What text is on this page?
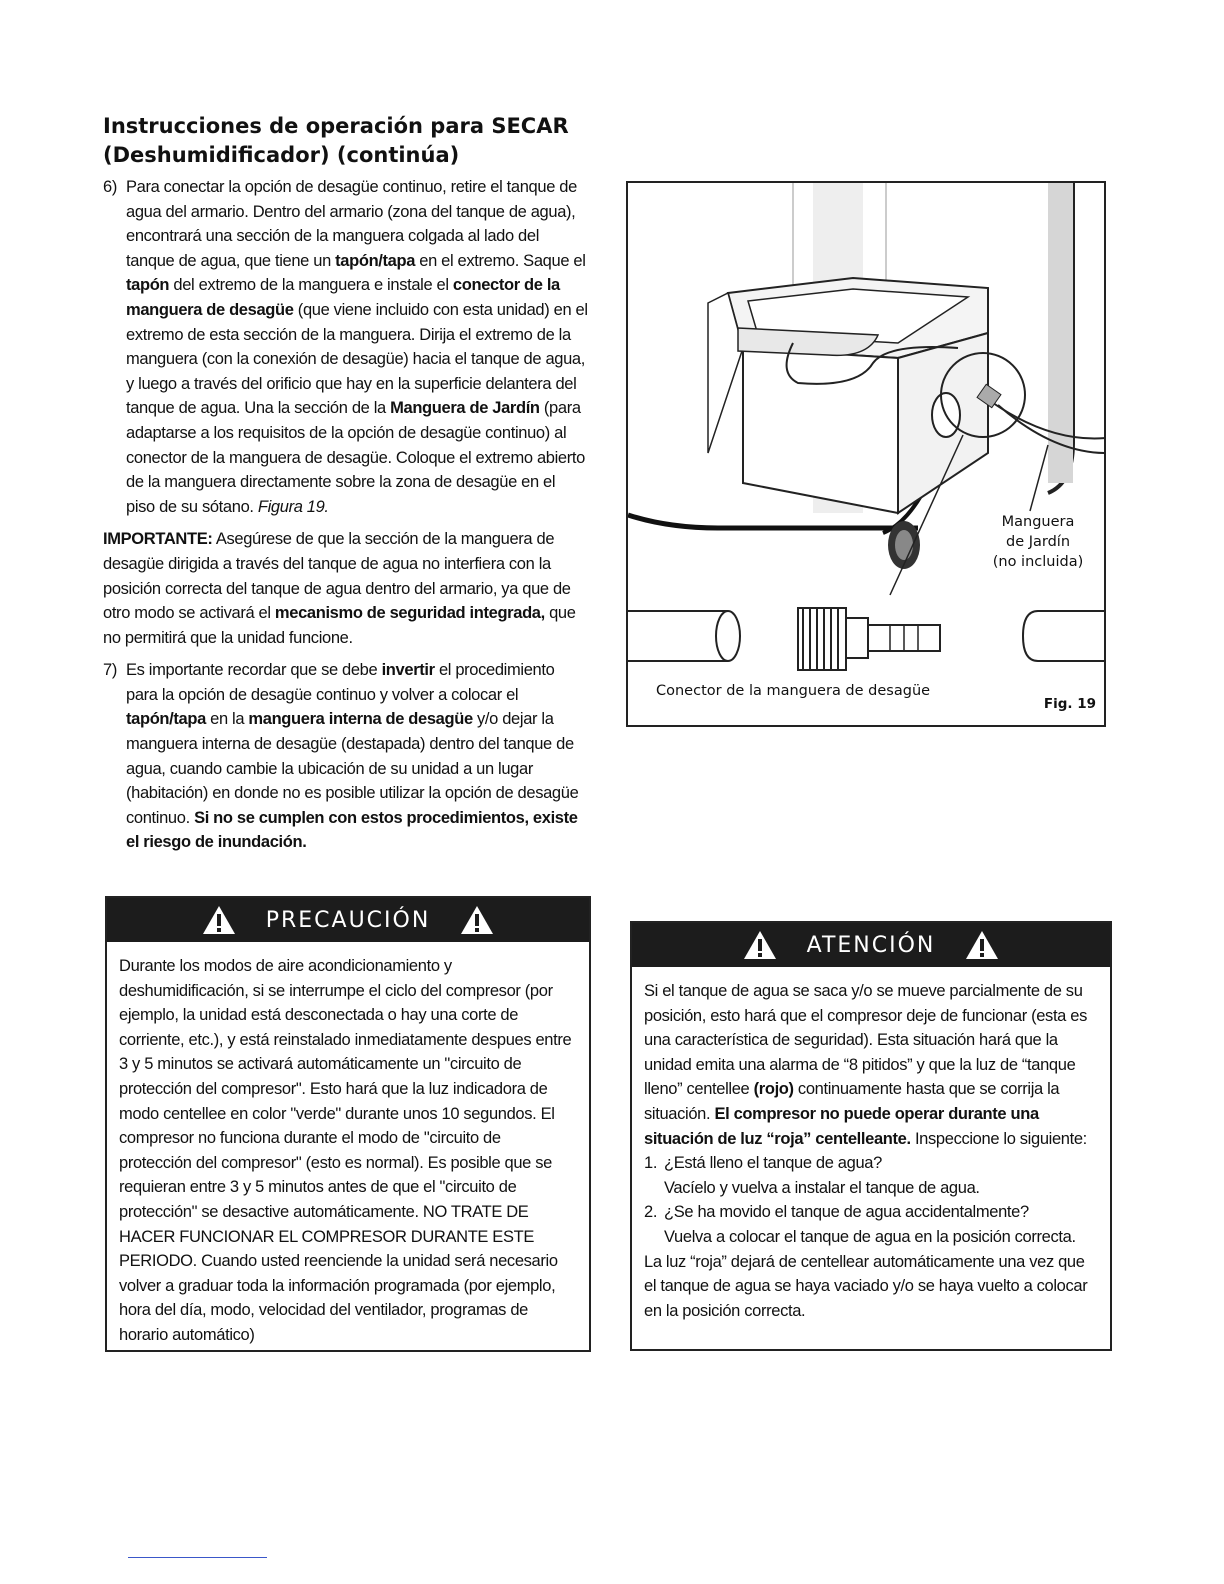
Instrucciones de operación para SECAR
(Deshumidificador) (continúa)

6) Para conectar la opción de desagüe continuo, retire el tanque de agua del armario. Dentro del armario (zona del tanque de agua), encontrará una sección de la manguera colgada al lado del tanque de agua, que tiene un tapón/tapa en el extremo. Saque el tapón del extremo de la manguera e instale el conector de la manguera de desagüe (que viene incluido con esta unidad) en el extremo de esta sección de la manguera. Dirija el extremo de la manguera (con la conexión de desagüe) hacia el tanque de agua, y luego a través del orificio que hay en la superficie delantera del tanque de agua. Una la sección de la Manguera de Jardín (para adaptarse a los requisitos de la opción de desagüe continuo) al conector de la manguera de desagüe. Coloque el extremo abierto de la manguera directamente sobre la zona de desagüe en el piso de su sótano. Figura 19.

IMPORTANTE: Asegúrese de que la sección de la manguera de desagüe dirigida a través del tanque de agua no interfiera con la posición correcta del tanque de agua dentro del armario, ya que de otro modo se activará el mecanismo de seguridad integrada, que no permitirá que la unidad funcione.

7) Es importante recordar que se debe invertir el procedimiento para la opción de desagüe continuo y volver a colocar el tapón/tapa en la manguera interna de desagüe y/o dejar la manguera interna de desagüe (destapada) dentro del tanque de agua, cuando cambie la ubicación de su unidad a un lugar (habitación) en donde no es posible utilizar la opción de desagüe continuo. Si no se cumplen con estos procedimientos, existe el riesgo de inundación.

Manguera
de Jardín
(no incluida)
Conector de la manguera de desagüe
Fig. 19
PRECAUCIÓN

Durante los modos de aire acondicionamiento y deshumidificación, si se interrumpe el ciclo del compresor (por ejemplo, la unidad está desconectada o hay una corte de corriente, etc.), y está reinstalado inmediatamente despues entre 3 y 5 minutos se activará automáticamente un "circuito de protección del compresor". Esto hará que la luz indicadora de modo centellee en color "verde" durante unos 10 segundos. El compresor no funciona durante el modo de "circuito de protección del compresor" (esto es normal). Es posible que se requieran entre 3 y 5 minutos antes de que el "circuito de protección" se desactive automáticamente. NO TRATE DE HACER FUNCIONAR EL COMPRESOR DURANTE ESTE PERIODO. Cuando usted reenciende la unidad será necesario volver a graduar toda la información programada (por ejemplo, hora del día, modo, velocidad del ventilador, programas de horario automático)

ATENCIÓN

Si el tanque de agua se saca y/o se mueve parcialmente de su posición, esto hará que el compresor deje de funcionar (esta es una característica de seguridad). Esta situación hará que la unidad emita una alarma de “8 pitidos” y que la luz de “tanque lleno” centellee (rojo) continuamente hasta que se corrija la situación. El compresor no puede operar durante una situación de luz “roja” centelleante. Inspeccione lo siguiente:

1. ¿Está lleno el tanque de agua?
Vacíelo y vuelva a instalar el tanque de agua.
2. ¿Se ha movido el tanque de agua accidentalmente?
Vuelva a colocar el tanque de agua en la posición correcta.

La luz “roja” dejará de centellear automáticamente una vez que el tanque de agua se haya vaciado y/o se haya vuelto a colocar en la posición correcta.
